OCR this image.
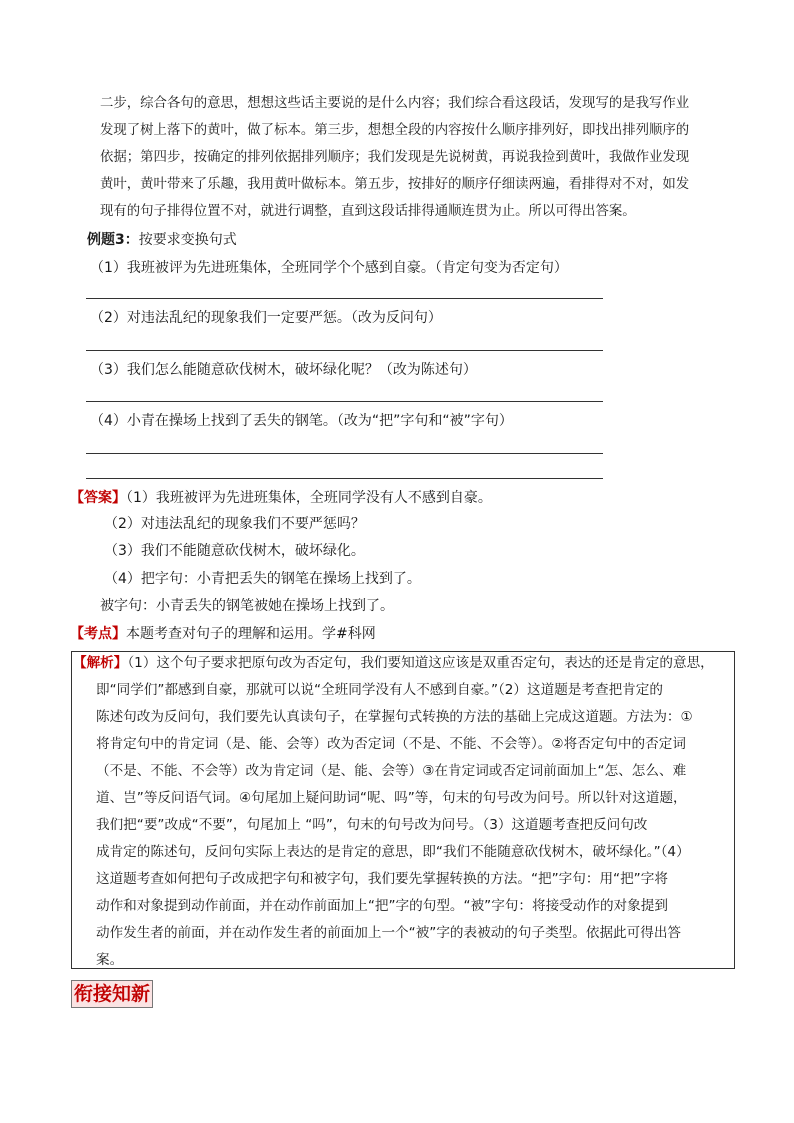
二步，综合各句的意思，想想这些话主要说的是什么内容；我们综合看这段话，发现写的是我写作业
发现了树上落下的黄叶，做了标本。第三步，想想全段的内容按什么顺序排列好，即找出排列顺序的
依据；第四步，按确定的排列依据排列顺序；我们发现是先说树黄，再说我捡到黄叶，我做作业发现
黄叶，黄叶带来了乐趣，我用黄叶做标本。第五步，按排好的顺序仔细读两遍，看排得对不对，如发
现有的句子排得位置不对，就进行调整，直到这段话排得通顺连贯为止。所以可得出答案。
例题3：按要求变换句式
（1）我班被评为先进班集体，全班同学个个感到自豪。（肯定句变为否定句）
（2）对违法乱纪的现象我们一定要严惩。（改为反问句）
（3）我们怎么能随意砍伐树木，破坏绿化呢？（改为陈述句）
（4）小青在操场上找到了丢失的钢笔。（改为“把”字句和“被”字句）
【答案】（1）我班被评为先进班集体，全班同学没有人不感到自豪。
（2）对违法乱纪的现象我们不要严惩吗？
（3）我们不能随意砍伐树木，破坏绿化。
（4）把字句：小青把丢失的钢笔在操场上找到了。
被字句：小青丢失的钢笔被她在操场上找到了。
【考点】本题考查对句子的理解和运用。学#科网
【解析】（1）这个句子要求把原句改为否定句，我们要知道这应该是双重否定句，表达的还是肯定的意思，
即“同学们”都感到自豪，那就可以说“全班同学没有人不感到自豪。”（2）这道题是考查把肯定的
陈述句改为反问句，我们要先认真读句子，在掌握句式转换的方法的基础上完成这道题。方法为：①
将肯定句中的肯定词（是、能、会等）改为否定词（不是、不能、不会等）。②将否定句中的否定词
（不是、不能、不会等）改为肯定词（是、能、会等）③在肯定词或否定词前面加上“怎、怎么、难
道、岂”等反问语气词。④句尾加上疑问助词“呢、吗”等，句末的句号改为问号。所以针对这道题，
我们把“要”改成“不要”，句尾加上 “吗”，句末的句号改为问号。（3）这道题考查把反问句改
成肯定的陈述句，反问句实际上表达的是肯定的意思，即“我们不能随意砍伐树木，破坏绿化。”（4）
这道题考查如何把句子改成把字句和被字句，我们要先掌握转换的方法。“把”字句：用“把”字将
动作和对象提到动作前面，并在动作前面加上“把”字的句型。“被”字句：将接受动作的对象提到
动作发生者的前面，并在动作发生者的前面加上一个“被”字的表被动的句子类型。依据此可得出答
案。
衔接知新
